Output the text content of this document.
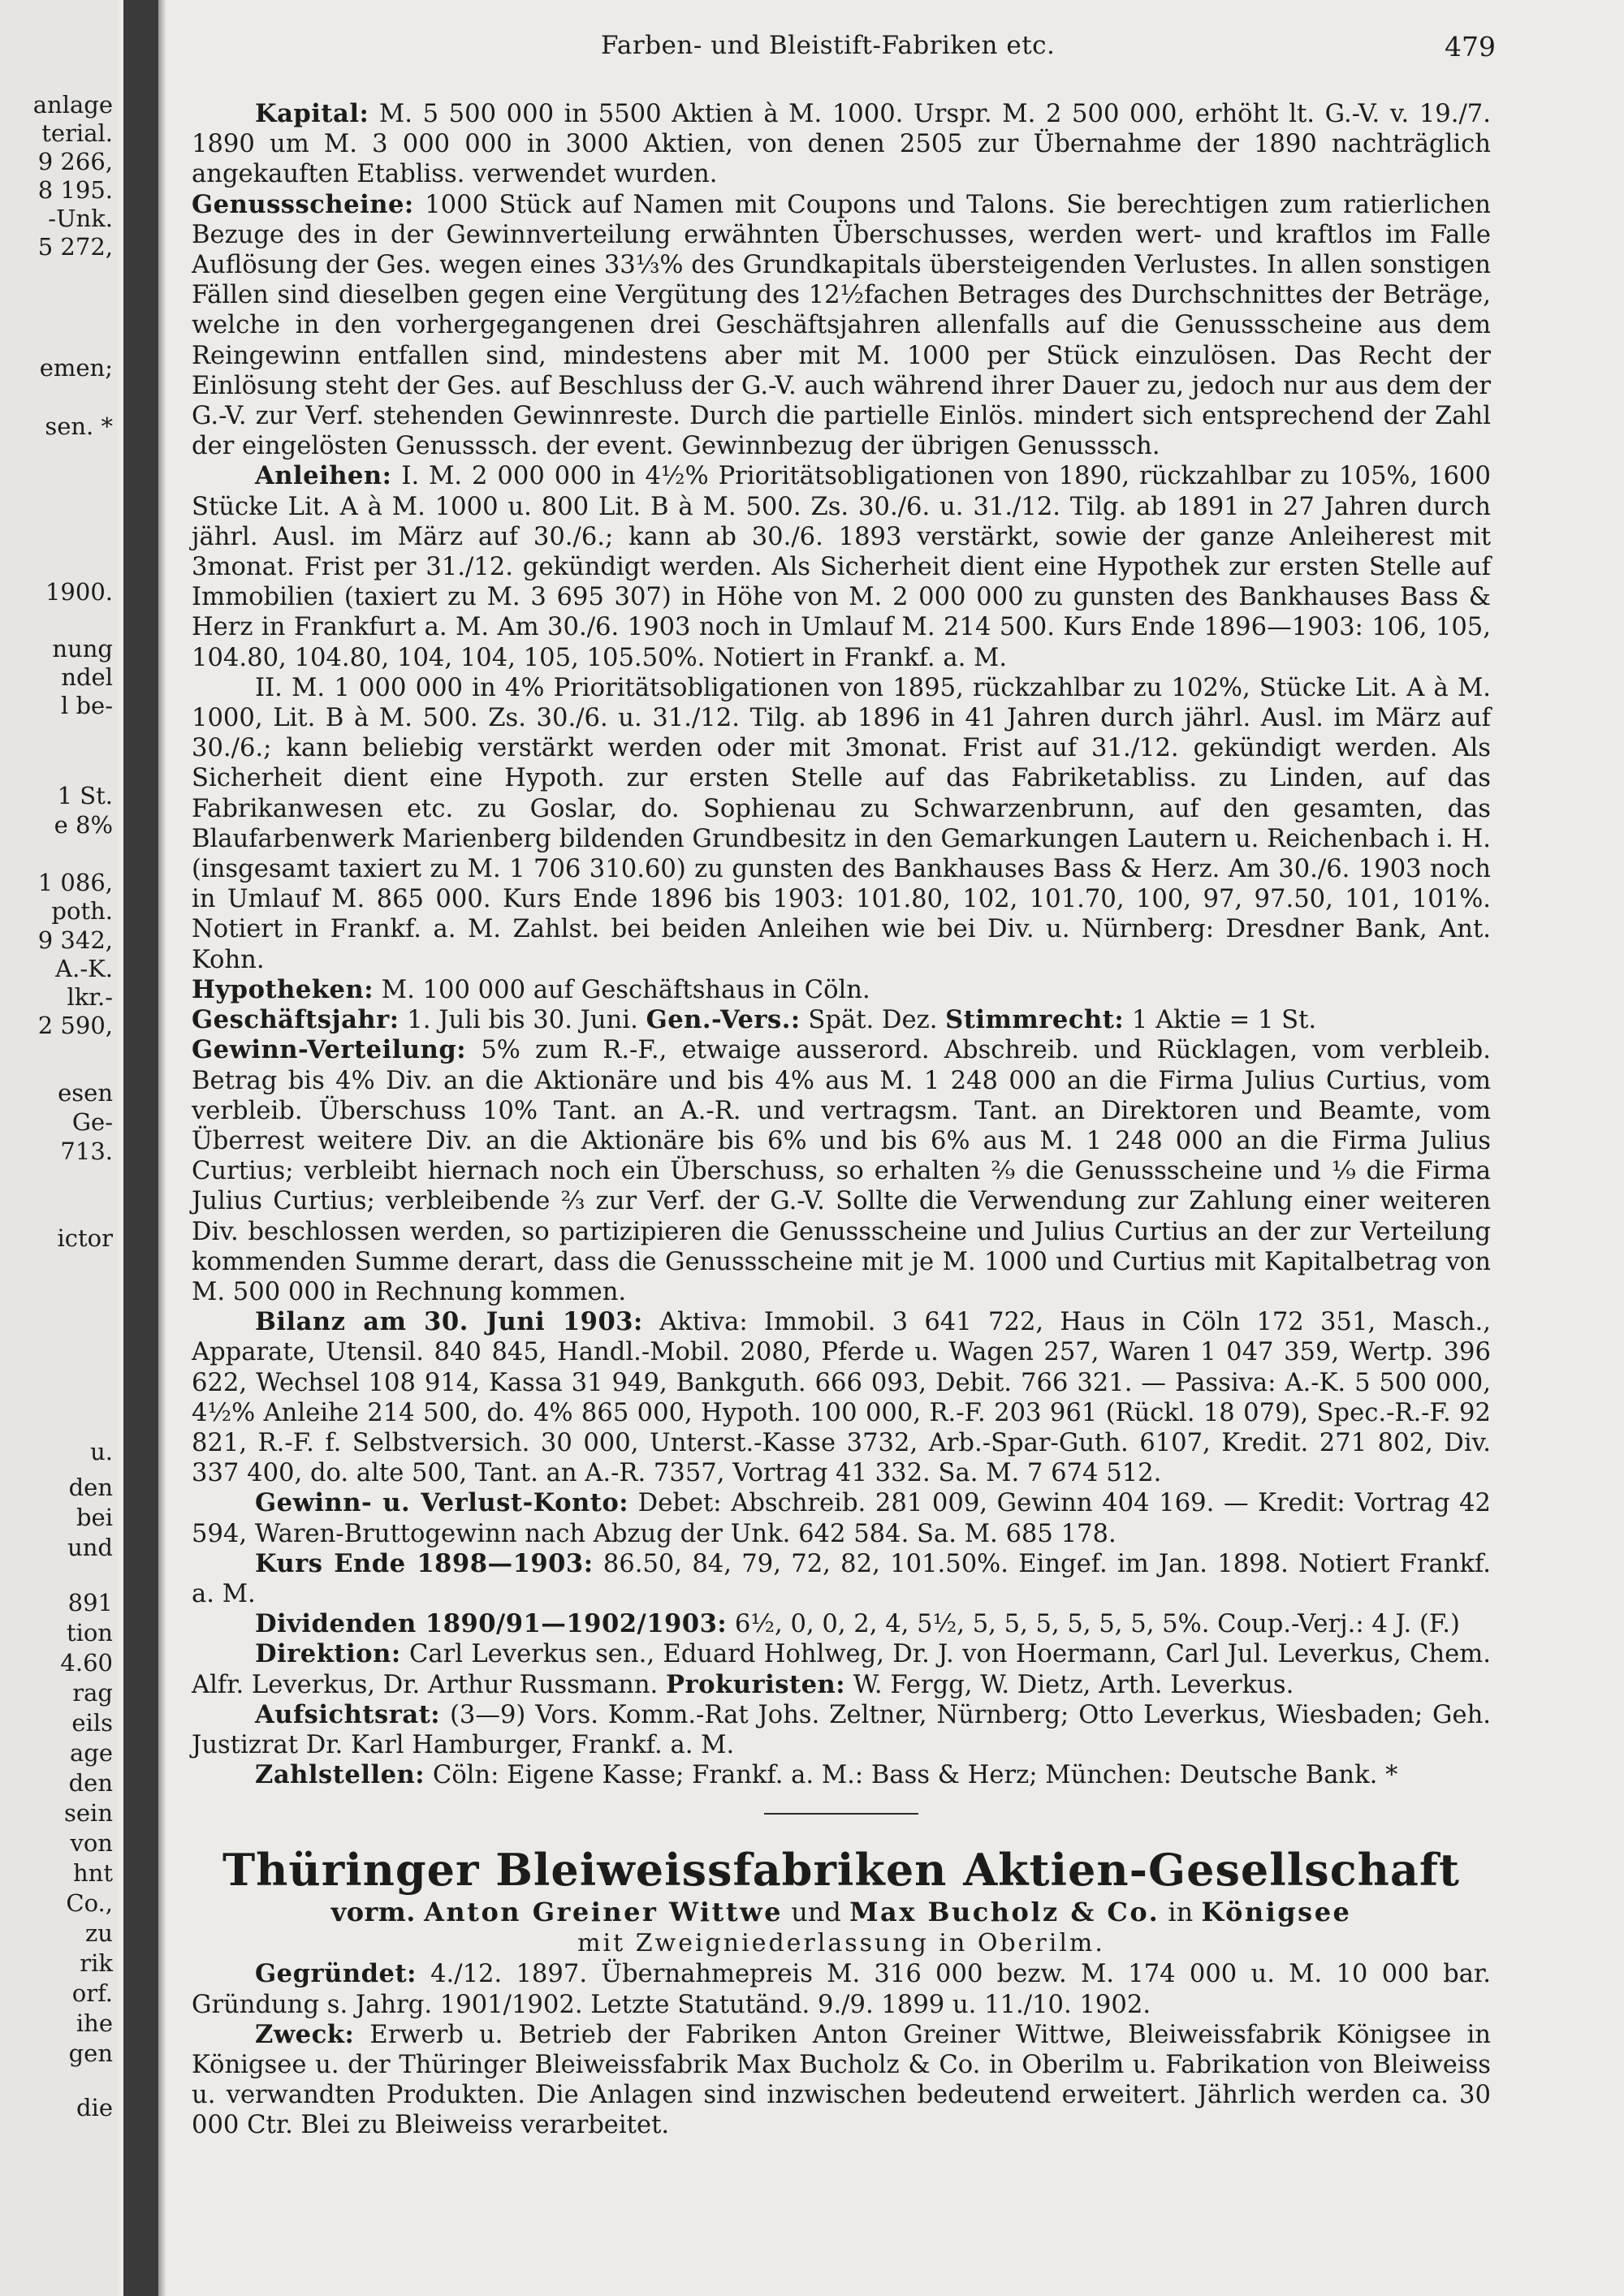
anlage
terial.
9 266,
8 195.
-Unk.
5 272,
emen;
sen. *
1900.
nung
ndel
l be-
1 St.
e 8%
1 086,
poth.
9 342,
A.-K.
lkr.-
2 590,
esen
Ge-
713.
ictor
u.
den
bei
und
891
tion
4.60
rag
eils
age
den
sein
von
hnt
Co.,
zu
rik
orf.
ihe
gen
die
Farben- und Bleistift-Fabriken etc.	479

Kapital: M. 5 500 000 in 5500 Aktien à M. 1000. Urspr. M. 2 500 000, erhöht lt. G.-V. v. 19./7. 1890 um M. 3 000 000 in 3000 Aktien, von denen 2505 zur Übernahme der 1890 nachträglich angekauften Etabliss. verwendet wurden.

Genussscheine: 1000 Stück auf Namen mit Coupons und Talons. Sie berechtigen zum ratierlichen Bezuge des in der Gewinnverteilung erwähnten Überschusses, werden wert- und kraftlos im Falle Auflösung der Ges. wegen eines 33⅓% des Grundkapitals übersteigenden Verlustes. In allen sonstigen Fällen sind dieselben gegen eine Vergütung des 12½fachen Betrages des Durchschnittes der Beträge, welche in den vorhergegangenen drei Geschäftsjahren allenfalls auf die Genussscheine aus dem Reingewinn entfallen sind, mindestens aber mit M. 1000 per Stück einzulösen. Das Recht der Einlösung steht der Ges. auf Beschluss der G.-V. auch während ihrer Dauer zu, jedoch nur aus dem der G.-V. zur Verf. stehenden Gewinnreste. Durch die partielle Einlös. mindert sich entsprechend der Zahl der eingelösten Genusssch. der event. Gewinnbezug der übrigen Genusssch.

Anleihen: I. M. 2 000 000 in 4½% Prioritätsobligationen von 1890, rückzahlbar zu 105%, 1600 Stücke Lit. A à M. 1000 u. 800 Lit. B à M. 500. Zs. 30./6. u. 31./12. Tilg. ab 1891 in 27 Jahren durch jährl. Ausl. im März auf 30./6.; kann ab 30./6. 1893 verstärkt, sowie der ganze Anleiherest mit 3monat. Frist per 31./12. gekündigt werden. Als Sicherheit dient eine Hypothek zur ersten Stelle auf Immobilien (taxiert zu M. 3 695 307) in Höhe von M. 2 000 000 zu gunsten des Bankhauses Bass & Herz in Frankfurt a. M. Am 30./6. 1903 noch in Umlauf M. 214 500. Kurs Ende 1896—1903: 106, 105, 104.80, 104.80, 104, 104, 105, 105.50%. Notiert in Frankf. a. M.

II. M. 1 000 000 in 4% Prioritätsobligationen von 1895, rückzahlbar zu 102%, Stücke Lit. A à M. 1000, Lit. B à M. 500. Zs. 30./6. u. 31./12. Tilg. ab 1896 in 41 Jahren durch jährl. Ausl. im März auf 30./6.; kann beliebig verstärkt werden oder mit 3monat. Frist auf 31./12. gekündigt werden. Als Sicherheit dient eine Hypoth. zur ersten Stelle auf das Fabriketabliss. zu Linden, auf das Fabrikanwesen etc. zu Goslar, do. Sophienau zu Schwarzenbrunn, auf den gesamten, das Blaufarbenwerk Marienberg bildenden Grundbesitz in den Gemarkungen Lautern u. Reichenbach i. H. (insgesamt taxiert zu M. 1 706 310.60) zu gunsten des Bankhauses Bass & Herz. Am 30./6. 1903 noch in Umlauf M. 865 000. Kurs Ende 1896 bis 1903: 101.80, 102, 101.70, 100, 97, 97.50, 101, 101%. Notiert in Frankf. a. M. Zahlst. bei beiden Anleihen wie bei Div. u. Nürnberg: Dresdner Bank, Ant. Kohn.

Hypotheken: M. 100 000 auf Geschäftshaus in Cöln.

Geschäftsjahr: 1. Juli bis 30. Juni. Gen.-Vers.: Spät. Dez. Stimmrecht: 1 Aktie = 1 St.

Gewinn-Verteilung: 5% zum R.-F., etwaige ausserord. Abschreib. und Rücklagen, vom verbleib. Betrag bis 4% Div. an die Aktionäre und bis 4% aus M. 1 248 000 an die Firma Julius Curtius, vom verbleib. Überschuss 10% Tant. an A.-R. und vertragsm. Tant. an Direktoren und Beamte, vom Überrest weitere Div. an die Aktionäre bis 6% und bis 6% aus M. 1 248 000 an die Firma Julius Curtius; verbleibt hiernach noch ein Überschuss, so erhalten ²⁄₉ die Genussscheine und ¹⁄₉ die Firma Julius Curtius; verbleibende ²⁄₃ zur Verf. der G.-V. Sollte die Verwendung zur Zahlung einer weiteren Div. beschlossen werden, so partizipieren die Genussscheine und Julius Curtius an der zur Verteilung kommenden Summe derart, dass die Genussscheine mit je M. 1000 und Curtius mit Kapitalbetrag von M. 500 000 in Rechnung kommen.

Bilanz am 30. Juni 1903: Aktiva: Immobil. 3 641 722, Haus in Cöln 172 351, Masch., Apparate, Utensil. 840 845, Handl.-Mobil. 2080, Pferde u. Wagen 257, Waren 1 047 359, Wertp. 396 622, Wechsel 108 914, Kassa 31 949, Bankguth. 666 093, Debit. 766 321. — Passiva: A.-K. 5 500 000, 4½% Anleihe 214 500, do. 4% 865 000, Hypoth. 100 000, R.-F. 203 961 (Rückl. 18 079), Spec.-R.-F. 92 821, R.-F. f. Selbstversich. 30 000, Unterst.-Kasse 3732, Arb.-Spar-Guth. 6107, Kredit. 271 802, Div. 337 400, do. alte 500, Tant. an A.-R. 7357, Vortrag 41 332. Sa. M. 7 674 512.

Gewinn- u. Verlust-Konto: Debet: Abschreib. 281 009, Gewinn 404 169. — Kredit: Vortrag 42 594, Waren-Bruttogewinn nach Abzug der Unk. 642 584. Sa. M. 685 178.

Kurs Ende 1898—1903: 86.50, 84, 79, 72, 82, 101.50%. Eingef. im Jan. 1898. Notiert Frankf. a. M.

Dividenden 1890/91—1902/1903: 6½, 0, 0, 2, 4, 5½, 5, 5, 5, 5, 5, 5, 5%. Coup.-Verj.: 4 J. (F.)

Direktion: Carl Leverkus sen., Eduard Hohlweg, Dr. J. von Hoermann, Carl Jul. Leverkus, Chem. Alfr. Leverkus, Dr. Arthur Russmann. Prokuristen: W. Fergg, W. Dietz, Arth. Leverkus.

Aufsichtsrat: (3—9) Vors. Komm.-Rat Johs. Zeltner, Nürnberg; Otto Leverkus, Wiesbaden; Geh. Justizrat Dr. Karl Hamburger, Frankf. a. M.

Zahlstellen: Cöln: Eigene Kasse; Frankf. a. M.: Bass & Herz; München: Deutsche Bank. *

Thüringer Bleiweissfabriken Aktien-Gesellschaft

vorm. Anton Greiner Wittwe und Max Bucholz & Co. in Königsee

mit Zweigniederlassung in Oberilm.

Gegründet: 4./12. 1897. Übernahmepreis M. 316 000 bezw. M. 174 000 u. M. 10 000 bar. Gründung s. Jahrg. 1901/1902. Letzte Statutänd. 9./9. 1899 u. 11./10. 1902.

Zweck: Erwerb u. Betrieb der Fabriken Anton Greiner Wittwe, Bleiweissfabrik Königsee in Königsee u. der Thüringer Bleiweissfabrik Max Bucholz & Co. in Oberilm u. Fabrikation von Bleiweiss u. verwandten Produkten. Die Anlagen sind inzwischen bedeutend erweitert. Jährlich werden ca. 30 000 Ctr. Blei zu Bleiweiss verarbeitet.
